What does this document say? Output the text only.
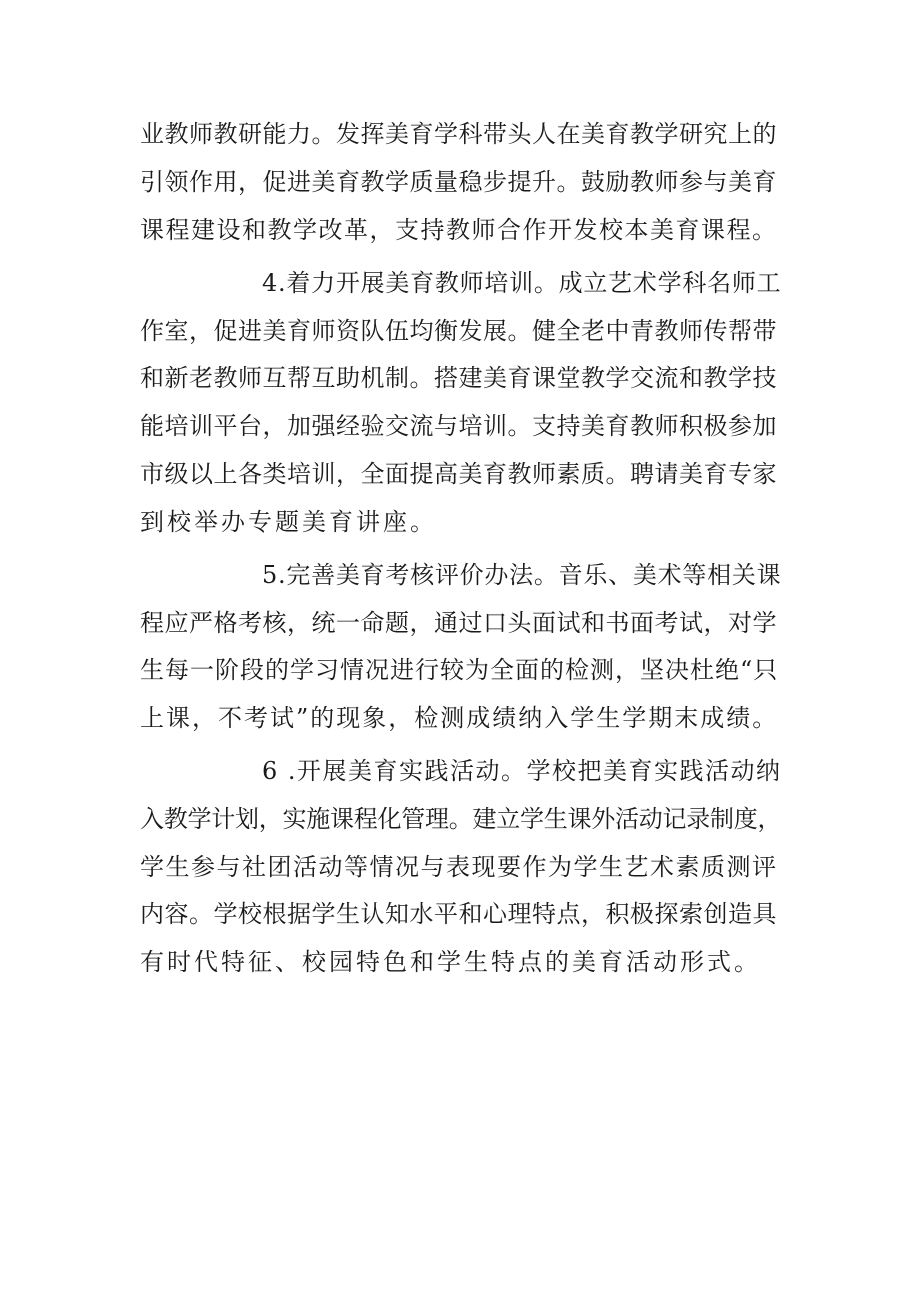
业教师教研能力。发挥美育学科带头人在美育教学研究上的

引领作用，促进美育教学质量稳步提升。鼓励教师参与美育

课程建设和教学改革，支持教师合作开发校本美育课程。

4.着力开展美育教师培训。成立艺术学科名师工

作室，促进美育师资队伍均衡发展。健全老中青教师传帮带

和新老教师互帮互助机制。搭建美育课堂教学交流和教学技

能培训平台，加强经验交流与培训。支持美育教师积极参加

市级以上各类培训，全面提高美育教师素质。聘请美育专家

到校举办专题美育讲座。

5.完善美育考核评价办法。音乐、美术等相关课

程应严格考核，统一命题，通过口头面试和书面考试，对学

生每一阶段的学习情况进行较为全面的检测，坚决杜绝“只

上课，不考试”的现象，检测成绩纳入学生学期末成绩。

6 .开展美育实践活动。学校把美育实践活动纳

入教学计划，实施课程化管理。建立学生课外活动记录制度，

学生参与社团活动等情况与表现要作为学生艺术素质测评

内容。学校根据学生认知水平和心理特点，积极探索创造具

有时代特征、校园特色和学生特点的美育活动形式。
